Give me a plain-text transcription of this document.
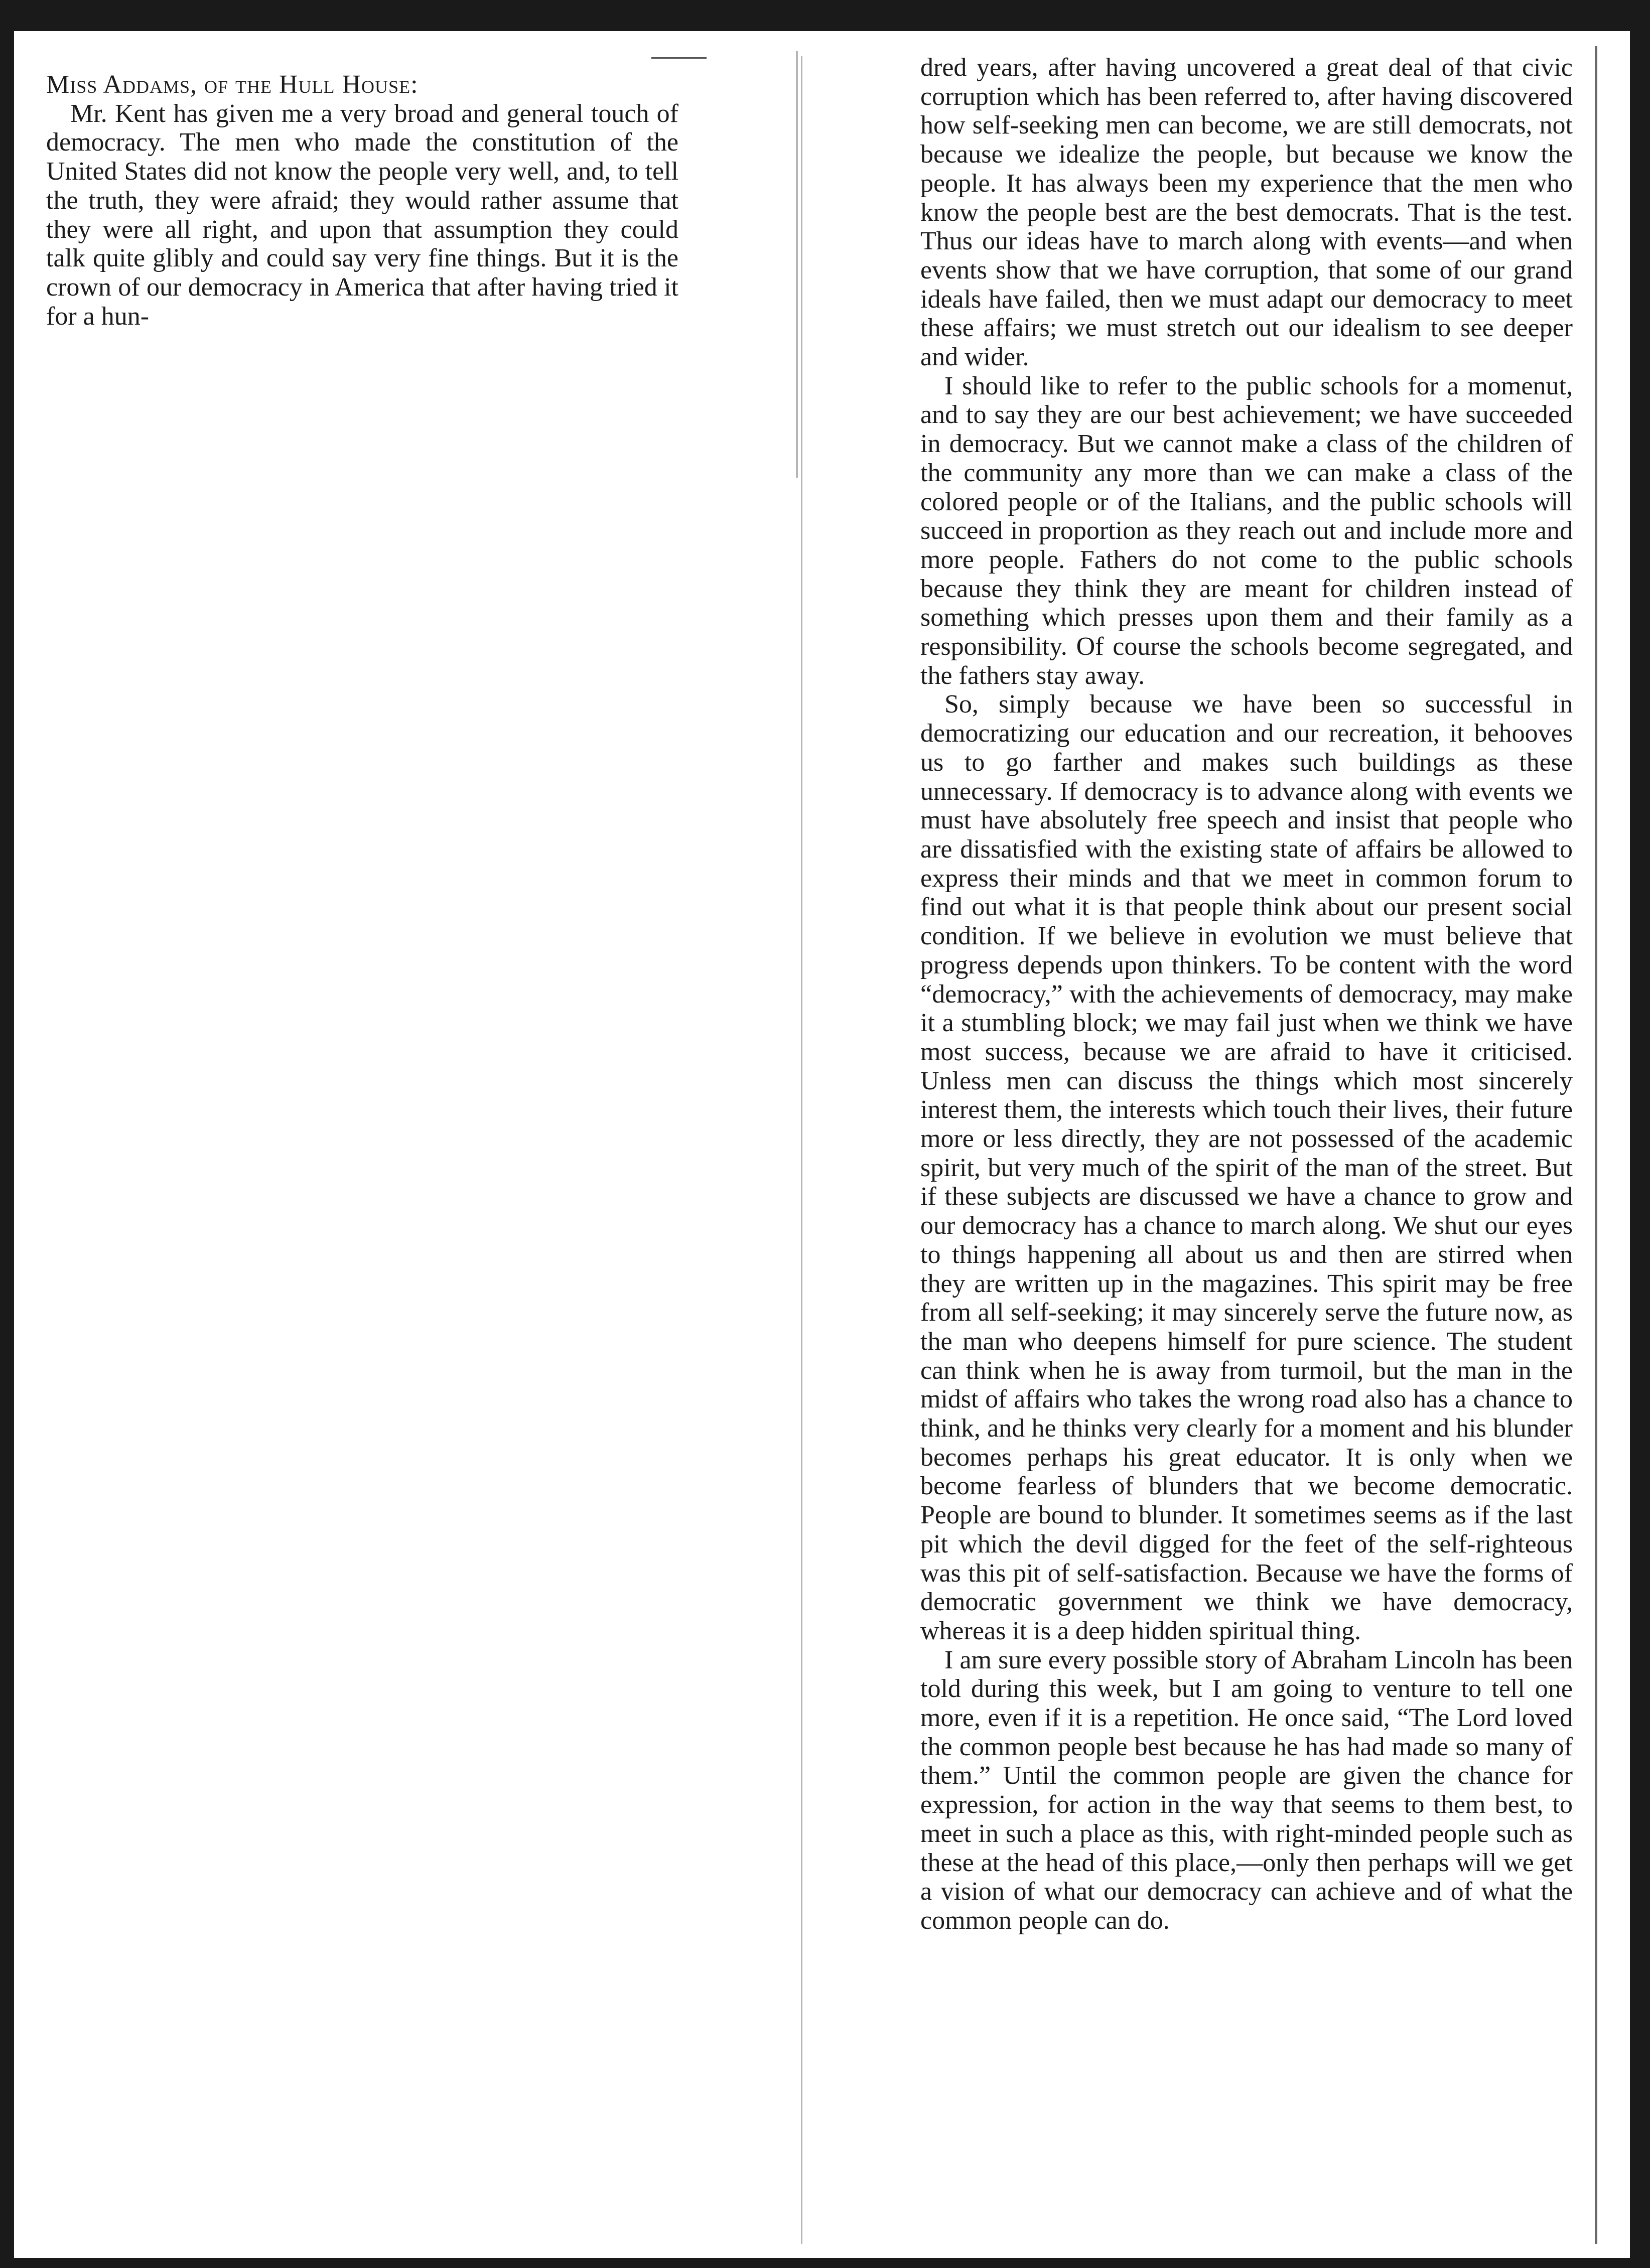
Miss Addams, of the Hull House:

Mr. Kent has given me a very broad and general touch of democracy. The men who made the constitution of the United States did not know the people very well, and, to tell the truth, they were afraid; they would rather assume that they were all right, and upon that assumption they could talk quite glibly and could say very fine things. But it is the crown of our democracy in America that after having tried it for a hun-

dred years, after having uncovered a great deal of that civic corruption which has been referred to, after having discovered how self-seeking men can become, we are still democrats, not because we idealize the people, but because we know the people. It has always been my experience that the men who know the people best are the best democrats. That is the test. Thus our ideas have to march along with events—and when events show that we have corruption, that some of our grand ideals have failed, then we must adapt our democracy to meet these affairs; we must stretch out our idealism to see deeper and wider.

I should like to refer to the public schools for a momenut, and to say they are our best achievement; we have succeeded in democracy. But we cannot make a class of the children of the community any more than we can make a class of the colored people or of the Italians, and the public schools will succeed in proportion as they reach out and include more and more people. Fathers do not come to the public schools because they think they are meant for children instead of something which presses upon them and their family as a responsibility. Of course the schools become segregated, and the fathers stay away.

So, simply because we have been so successful in democratizing our education and our recreation, it behooves us to go farther and makes such buildings as these unnecessary. If democracy is to advance along with events we must have absolutely free speech and insist that people who are dissatisfied with the existing state of affairs be allowed to express their minds and that we meet in common forum to find out what it is that people think about our present social condition. If we believe in evolution we must believe that progress depends upon thinkers. To be content with the word “democracy,” with the achievements of democracy, may make it a stumbling block; we may fail just when we think we have most success, because we are afraid to have it criticised. Unless men can discuss the things which most sincerely interest them, the interests which touch their lives, their future more or less directly, they are not possessed of the academic spirit, but very much of the spirit of the man of the street. But if these subjects are discussed we have a chance to grow and our democracy has a chance to march along. We shut our eyes to things happening all about us and then are stirred when they are written up in the magazines. This spirit may be free from all self-seeking; it may sincerely serve the future now, as the man who deepens himself for pure science. The student can think when he is away from turmoil, but the man in the midst of affairs who takes the wrong road also has a chance to think, and he thinks very clearly for a moment and his blunder becomes perhaps his great educator. It is only when we become fearless of blunders that we become democratic. People are bound to blunder. It sometimes seems as if the last pit which the devil digged for the feet of the self-righteous was this pit of self-satisfaction. Because we have the forms of democratic government we think we have democracy, whereas it is a deep hidden spiritual thing.

I am sure every possible story of Abraham Lincoln has been told during this week, but I am going to venture to tell one more, even if it is a repetition. He once said, “The Lord loved the common people best because he has had made so many of them.” Until the common people are given the chance for expression, for action in the way that seems to them best, to meet in such a place as this, with right-minded people such as these at the head of this place,—only then perhaps will we get a vision of what our democracy can achieve and of what the common people can do.
